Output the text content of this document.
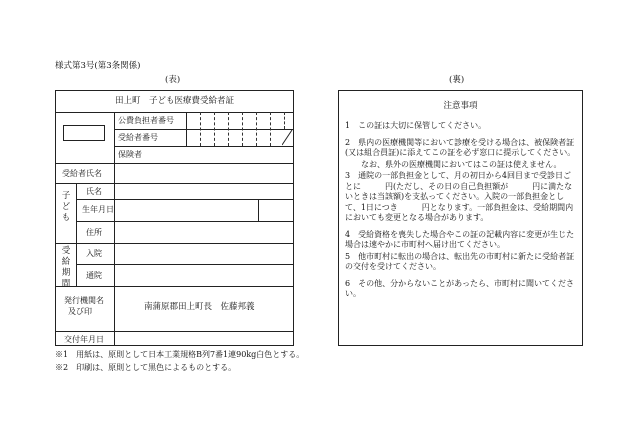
様式第3号(第3条関係)
(表)	(裏)
田上町　子ども医療費受給者証
公費負担者番号
受給者番号
保険者
受給者氏名
子ども
氏名
生年月日
住所
受給期間
入院
通院
発行機関名
及び印	南蒲原郡田上町長　佐藤邦義
交付年月日
注意事項

1　この証は大切に保管してください。

2　県内の医療機関等において診療を受ける場合は、被保険者証(又は組合員証)に添えてこの証を必ず窓口に提示してください。

　　なお、県外の医療機関においてはこの証は使えません。

3　通院の一部負担金として、月の初日から4回目まで受診日ごとに　　　円(ただし、その日の自己負担額が　　　円に満たないときは当該額)を支払ってください。入院の一部負担金として、1日につき　　　円となります。一部負担金は、受給期間内においても変更となる場合があります。

4　受給資格を喪失した場合やこの証の記載内容に変更が生じた場合は速やかに市町村へ届け出てください。

5　他市町村に転出の場合は、転出先の市町村に新たに受給者証の交付を受けてください。

6　その他、分からないことがあったら、市町村に聞いてください。

※1　用紙は、原則として日本工業規格B列7番1連90kg白色とする。
※2　印刷は、原則として黒色によるものとする。
